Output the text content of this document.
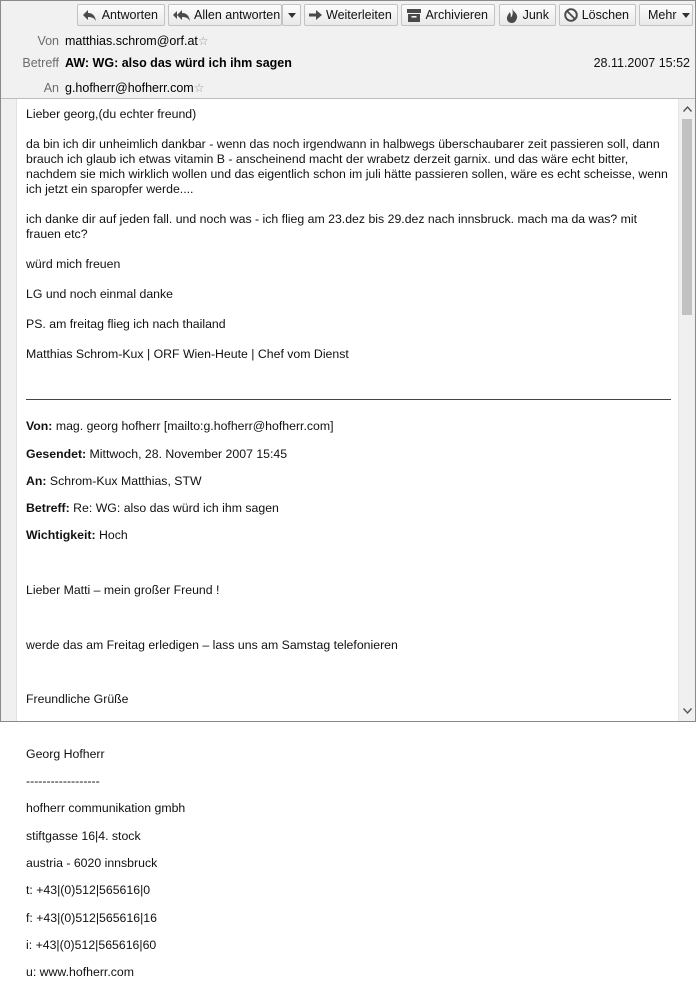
Antworten	Allen antworten	Weiterleiten	Archivieren	Junk	Löschen Mehr
Von matthias.schrom@orf.at☆
Betreff AW: WG: also das würd ich ihm sagen	28.11.2007 15:52
An g.hofherr@hofherr.com☆

Lieber georg,(du echter freund)

da bin ich dir unheimlich dankbar - wenn das noch irgendwann in halbwegs überschaubarer zeit passieren soll, dann brauch ich glaub ich etwas vitamin B - anscheinend macht der wrabetz derzeit garnix. und das wäre echt bitter, nachdem sie mich wirklich wollen und das eigentlich schon im juli hätte passieren sollen, wäre es echt scheisse, wenn ich jetzt ein sparopfer werde....

ich danke dir auf jeden fall. und noch was - ich flieg am 23.dez bis 29.dez nach innsbruck. mach ma da was? mit frauen etc?

würd mich freuen

LG und noch einmal danke

PS. am freitag flieg ich nach thailand

Matthias Schrom-Kux | ORF Wien-Heute | Chef vom Dienst

Von: mag. georg hofherr [mailto:g.hofherr@hofherr.com]

Gesendet: Mittwoch, 28. November 2007 15:45

An: Schrom-Kux Matthias, STW

Betreff: Re: WG: also das würd ich ihm sagen

Wichtigkeit: Hoch

Lieber Matti – mein großer Freund !

werde das am Freitag erledigen – lass uns am Samstag telefonieren

Freundliche Grüße

Georg Hofherr

------------------

hofherr communikation gmbh

stiftgasse 16|4. stock

austria - 6020 innsbruck

t: +43|(0)512|565616|0

f: +43|(0)512|565616|16

i: +43|(0)512|565616|60

u: www.hofherr.com
